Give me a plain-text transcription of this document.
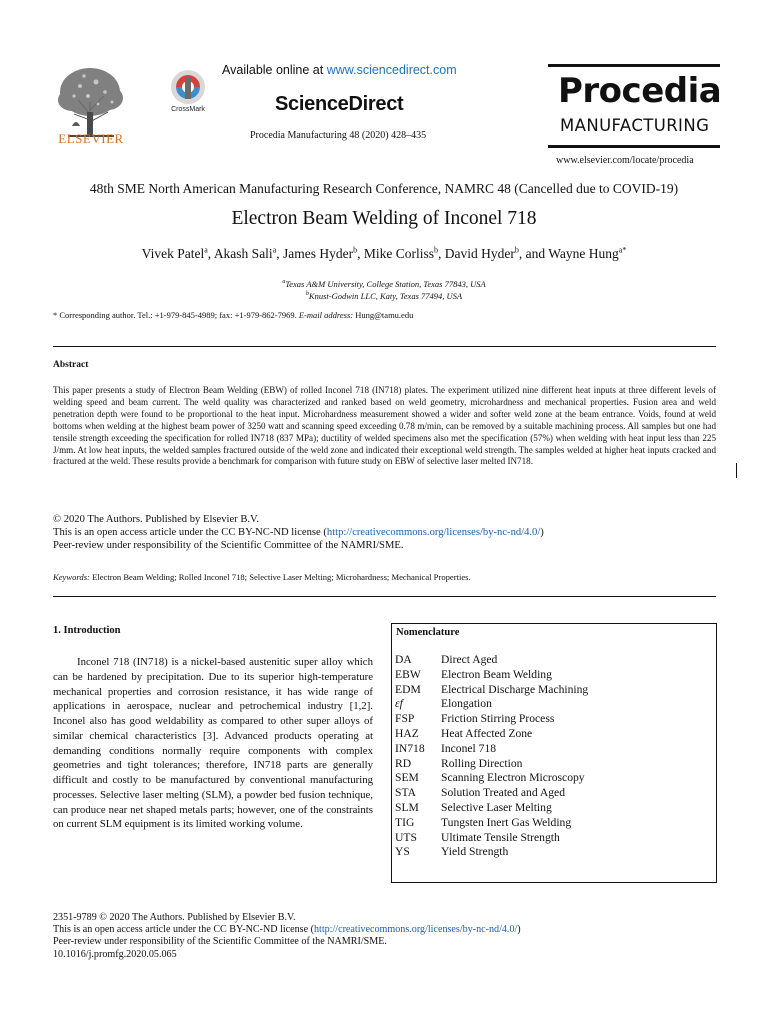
ELSEVIER
CrossMark
Available online at www.sciencedirect.com
ScienceDirect
Procedia Manufacturing 48 (2020) 428–435
Procedia
MANUFACTURING
www.elsevier.com/locate/procedia
48th SME North American Manufacturing Research Conference, NAMRC 48 (Cancelled due to COVID-19)
Electron Beam Welding of Inconel 718
Vivek Patel$^a$, Akash Sali$^a$, James Hyder$^b$, Mike Corliss$^b$, David Hyder$^b$, and Wayne Hung$^{a*}$
$^a$Texas A&M University, College Station, Texas 77843, USA
$^b$Knust-Godwin LLC, Katy, Texas 77494, USA
* Corresponding author. Tel.: +1-979-845-4989; fax: +1-979-862-7969. E-mail address: Hung@tamu.edu
Abstract
This paper presents a study of Electron Beam Welding (EBW) of rolled Inconel 718 (IN718) plates. The experiment utilized nine different heat inputs at three different levels of welding speed and beam current. The weld quality was characterized and ranked based on weld geometry, microhardness and mechanical properties. Fusion area and weld penetration depth were found to be proportional to the heat input. Microhardness measurement showed a wider and softer weld zone at the beam entrance. Voids, found at weld bottoms when welding at the highest beam power of 3250 watt and scanning speed exceeding 0.78 m/min, can be removed by a suitable machining process. All samples but one had tensile strength exceeding the specification for rolled IN718 (837 MPa); ductility of welded specimens also met the specification (57%) when welding with heat input less than 225 J/mm. At low heat inputs, the welded samples fractured outside of the weld zone and indicated their exceptional weld strength. The samples welded at higher heat inputs cracked and fractured at the weld. These results provide a benchmark for comparison with future study on EBW of selective laser melted IN718.
© 2020 The Authors. Published by Elsevier B.V.
This is an open access article under the CC BY-NC-ND license (http://creativecommons.org/licenses/by-nc-nd/4.0/)
Peer-review under responsibility of the Scientific Committee of the NAMRI/SME.
Keywords: Electron Beam Welding; Rolled Inconel 718; Selective Laser Melting; Microhardness; Mechanical Properties.
1. Introduction
Inconel 718 (IN718) is a nickel-based austenitic super alloy which can be hardened by precipitation. Due to its superior high-temperature mechanical properties and corrosion resistance, it has wide range of applications in aerospace, nuclear and petrochemical industry [1,2]. Inconel also has good weldability as compared to other super alloys of similar chemical characteristics [3]. Advanced products operating at demanding conditions normally require components with complex geometries and tight tolerances; therefore, IN718 parts are generally difficult and costly to be manufactured by conventional manufacturing processes. Selective laser melting (SLM), a powder bed fusion technique, can produce near net shaped metals parts; however, one of the constraints on current SLM equipment is its limited working volume.
Nomenclature
DA	Direct Aged
EBW	Electron Beam Welding
EDM	Electrical Discharge Machining
εf	Elongation
FSP	Friction Stirring Process
HAZ	Heat Affected Zone
IN718	Inconel 718
RD	Rolling Direction
SEM	Scanning Electron Microscopy
STA	Solution Treated and Aged
SLM	Selective Laser Melting
TIG	Tungsten Inert Gas Welding
UTS	Ultimate Tensile Strength
YS	Yield Strength
2351-9789 © 2020 The Authors. Published by Elsevier B.V.
This is an open access article under the CC BY-NC-ND license (http://creativecommons.org/licenses/by-nc-nd/4.0/)
Peer-review under responsibility of the Scientific Committee of the NAMRI/SME.
10.1016/j.promfg.2020.05.065
